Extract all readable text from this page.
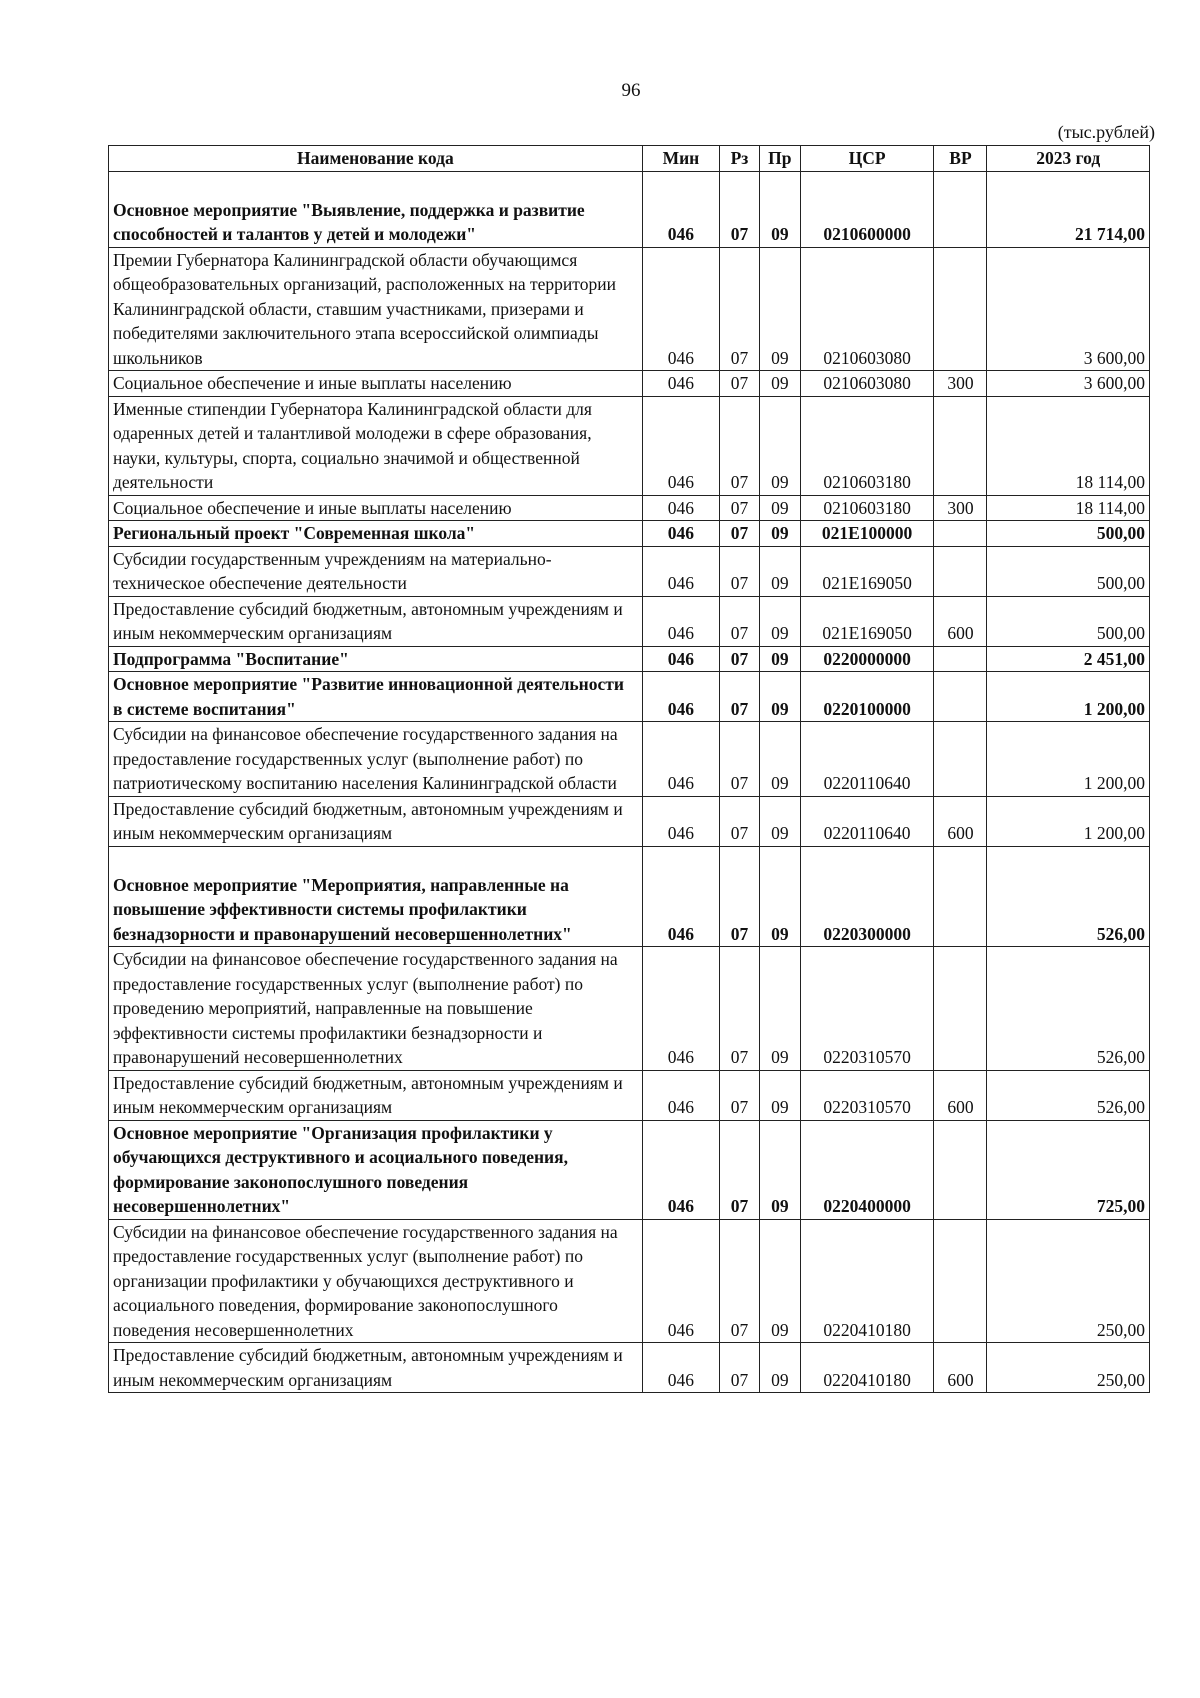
96
(тыс.рублей)
Наименование кода	Мин	Рз	Пр	ЦСР	ВР	2023 год
Основное мероприятие "Выявление, поддержка и развитие способностей и талантов у детей и молодежи"	046	07	09	0210600000		21 714,00
Премии Губернатора Калининградской области обучающимся общеобразовательных организаций, расположенных на территории Калининградской области, ставшим участниками, призерами и победителями заключительного этапа всероссийской олимпиады школьников	046	07	09	0210603080		3 600,00
Социальное обеспечение и иные выплаты населению	046	07	09	0210603080	300	3 600,00
Именные стипендии Губернатора Калининградской области для одаренных детей и талантливой молодежи в сфере образования, науки, культуры, спорта, социально значимой и общественной деятельности	046	07	09	0210603180		18 114,00
Социальное обеспечение и иные выплаты населению	046	07	09	0210603180	300	18 114,00
Региональный проект "Современная школа"	046	07	09	021E100000		500,00
Субсидии государственным учреждениям на материально-техническое обеспечение деятельности	046	07	09	021E169050		500,00
Предоставление субсидий бюджетным, автономным учреждениям и иным некоммерческим организациям	046	07	09	021E169050	600	500,00
Подпрограмма "Воспитание"	046	07	09	0220000000		2 451,00
Основное мероприятие "Развитие инновационной деятельности в системе воспитания"	046	07	09	0220100000		1 200,00
Субсидии на финансовое обеспечение государственного задания на предоставление государственных услуг (выполнение работ) по патриотическому воспитанию населения Калининградской области	046	07	09	0220110640		1 200,00
Предоставление субсидий бюджетным, автономным учреждениям и иным некоммерческим организациям	046	07	09	0220110640	600	1 200,00
Основное мероприятие "Мероприятия, направленные на повышение эффективности системы профилактики безнадзорности и правонарушений несовершеннолетних"	046	07	09	0220300000		526,00
Субсидии на финансовое обеспечение государственного задания на предоставление государственных услуг (выполнение работ) по проведению мероприятий, направленные на повышение эффективности системы профилактики безнадзорности и правонарушений несовершеннолетних	046	07	09	0220310570		526,00
Предоставление субсидий бюджетным, автономным учреждениям и иным некоммерческим организациям	046	07	09	0220310570	600	526,00
Основное мероприятие "Организация профилактики у обучающихся деструктивного и асоциального поведения, формирование законопослушного поведения несовершеннолетних"	046	07	09	0220400000		725,00
Субсидии на финансовое обеспечение государственного задания на предоставление государственных услуг (выполнение работ) по организации профилактики у обучающихся деструктивного и асоциального поведения, формирование законопослушного поведения несовершеннолетних	046	07	09	0220410180		250,00
Предоставление субсидий бюджетным, автономным учреждениям и иным некоммерческим организациям	046	07	09	0220410180	600	250,00
